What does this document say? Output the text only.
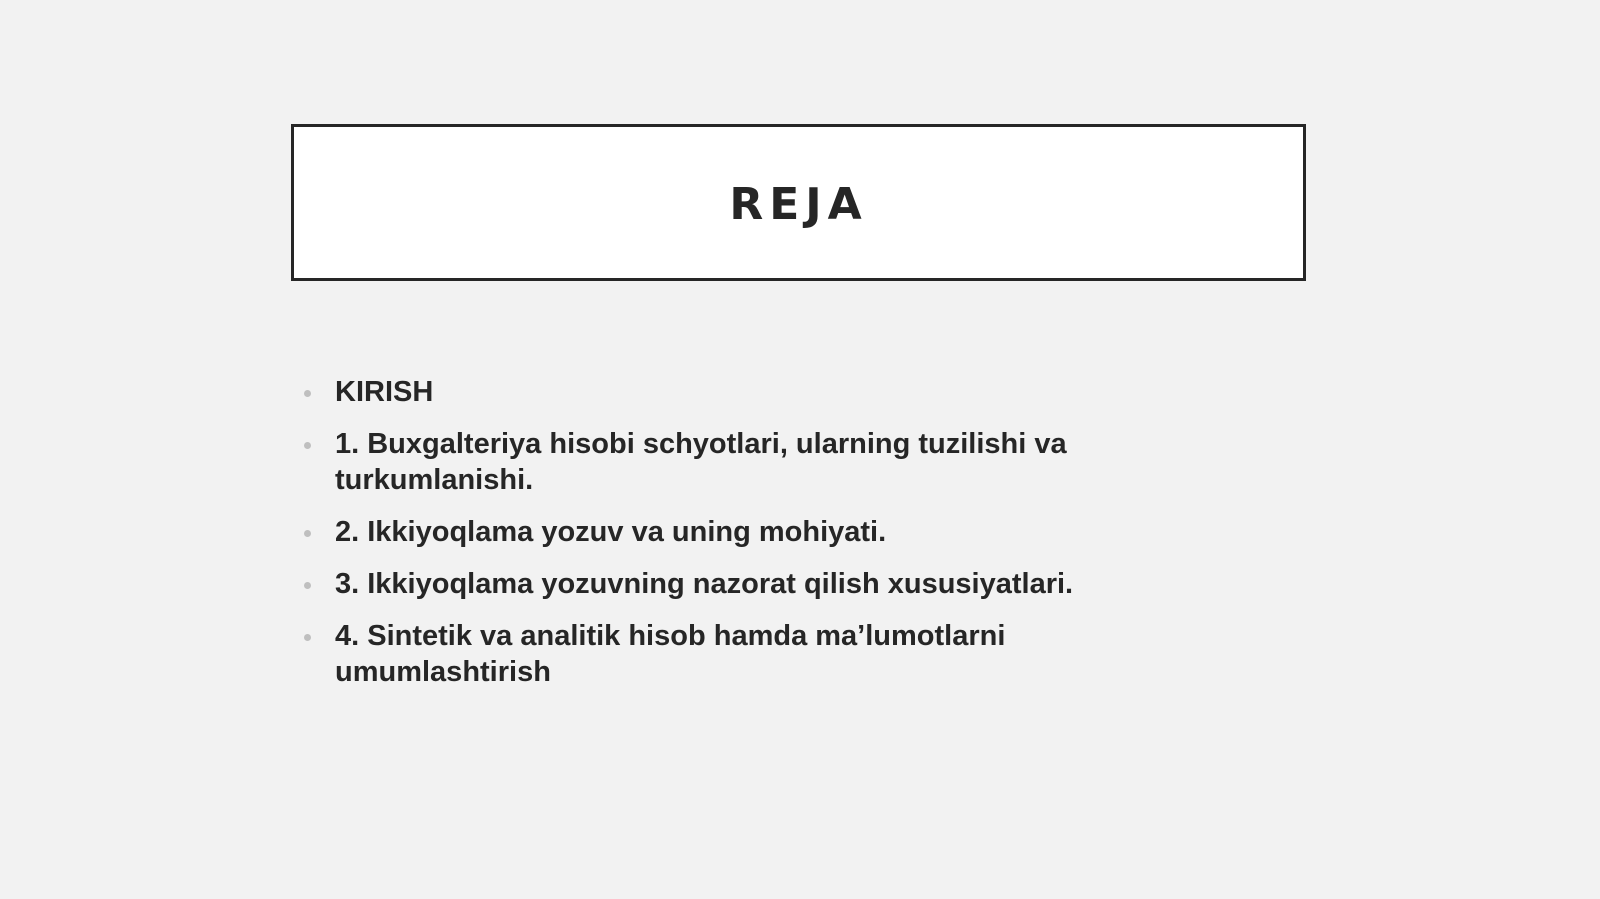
REJA
KIRISH
1. Buxgalteriya hisobi schyotlari, ularning tuzilishi va turkumlanishi.
2. Ikkiyoqlama yozuv va uning mohiyati.
3. Ikkiyoqlama yozuvning nazorat qilish xususiyatlari.
4. Sintetik va analitik hisob hamda ma’lumotlarni umumlashtirish
